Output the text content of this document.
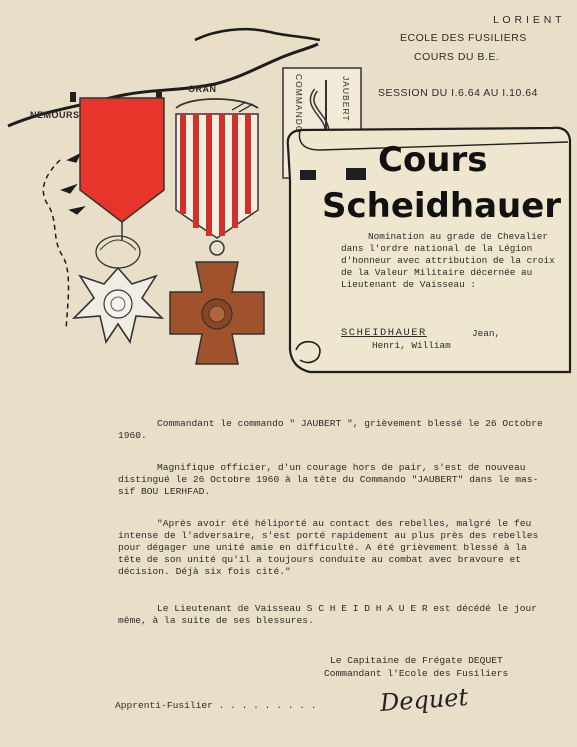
L O R I E N T
ECOLE DES FUSILIERS
COURS DU B.E.
SESSION DU I.6.64 AU I.10.64
ORAN
NEMOURS	COMMANDO	JAUBERT
Cours
Scheidhauer
Nomination au grade de Chevalier
dans l'ordre national de la Légion
d'honneur avec attribution de la croix
de la Valeur Militaire décernée au
Lieutenant de Vaisseau :
SCHEIDHAUER	Jean,
Henri, William
Commandant le commando " JAUBERT ", grièvement blessé le 26 Octobre
1960.
Magnifique officier, d'un courage hors de pair, s'est de nouveau
distingué le 26 Octobre 1960 à la tête du Commando "JAUBERT" dans le mas-
sif BOU LERHFAD.
"Après avoir été héliporté au contact des rebelles, malgré le feu
intense de l'adversaire, s'est porté rapidement au plus près des rebelles
pour dégager une unité amie en difficulté. A été grièvement blessé à la
tête de son unité qu'il a toujours conduite au combat avec bravoure et
décision. Déjà six fois cité."
Le Lieutenant de Vaisseau S C H E I D H A U E R est décédé le jour
même, à la suite de ses blessures.
Le Capitaine de Frégate DEQUET
Commandant l'Ecole des Fusiliers
Apprenti-Fusilier . . . . . . . . .	Dequet
